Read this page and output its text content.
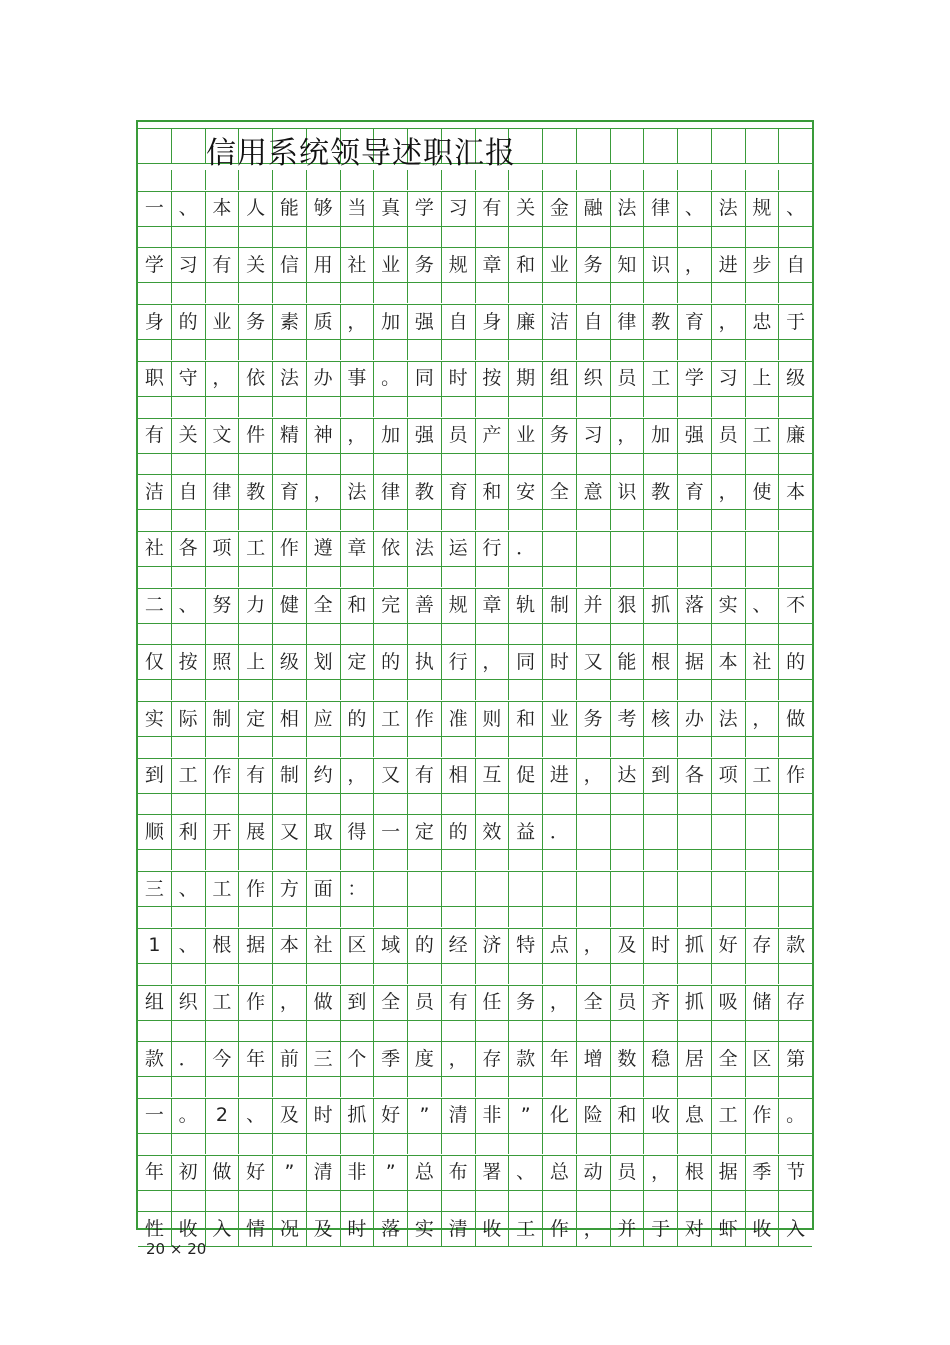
信用系统领导述职汇报
一 、 本 人 能 够 当 真 学 习 有 关 金 融 法 律 、 法 规 、
学 习 有 关 信 用 社 业 务 规 章 和 业 务 知 识 ， 进 步 自
身 的 业 务 素 质 ， 加 强 自 身 廉 洁 自 律 教 育 ， 忠 于
职 守 ， 依 法 办 事 。 同 时 按 期 组 织 员 工 学 习 上 级
有 关 文 件 精 神 ， 加 强 员 产 业 务 习 ， 加 强 员 工 廉
洁 自 律 教 育 ， 法 律 教 育 和 安 全 意 识 教 育 ， 使 本
社 各 项 工 作 遵 章 依 法 运 行 ．
二 、 努 力 健 全 和 完 善 规 章 轨 制 并 狠 抓 落 实 、 不
仅 按 照 上 级 划 定 的 执 行 ， 同 时 又 能 根 据 本 社 的
实 际 制 定 相 应 的 工 作 准 则 和 业 务 考 核 办 法 ， 做
到 工 作 有 制 约 ， 又 有 相 互 促 进 ， 达 到 各 项 工 作
顺 利 开 展 又 取 得 一 定 的 效 益 ．
三 、 工 作 方 面 ：
1 、 根 据 本 社 区 域 的 经 济 特 点 ， 及 时 抓 好 存 款
组 织 工 作 ， 做 到 全 员 有 任 务 ， 全 员 齐 抓 吸 储 存
款 ． 今 年 前 三 个 季 度 ， 存 款 年 增 数 稳 居 全 区 第
一 。 2 、 及 时 抓 好	”	清 非	”	化 险 和 收 息 工 作 。
年 初 做 好	”	清 非	”	总 布 署 、 总 动 员 ， 根 据 季 节
性 收 入 情 况 及 时 落 实 清 收 工 作 ， 并 于 对 虾 收 入
20 × 20
